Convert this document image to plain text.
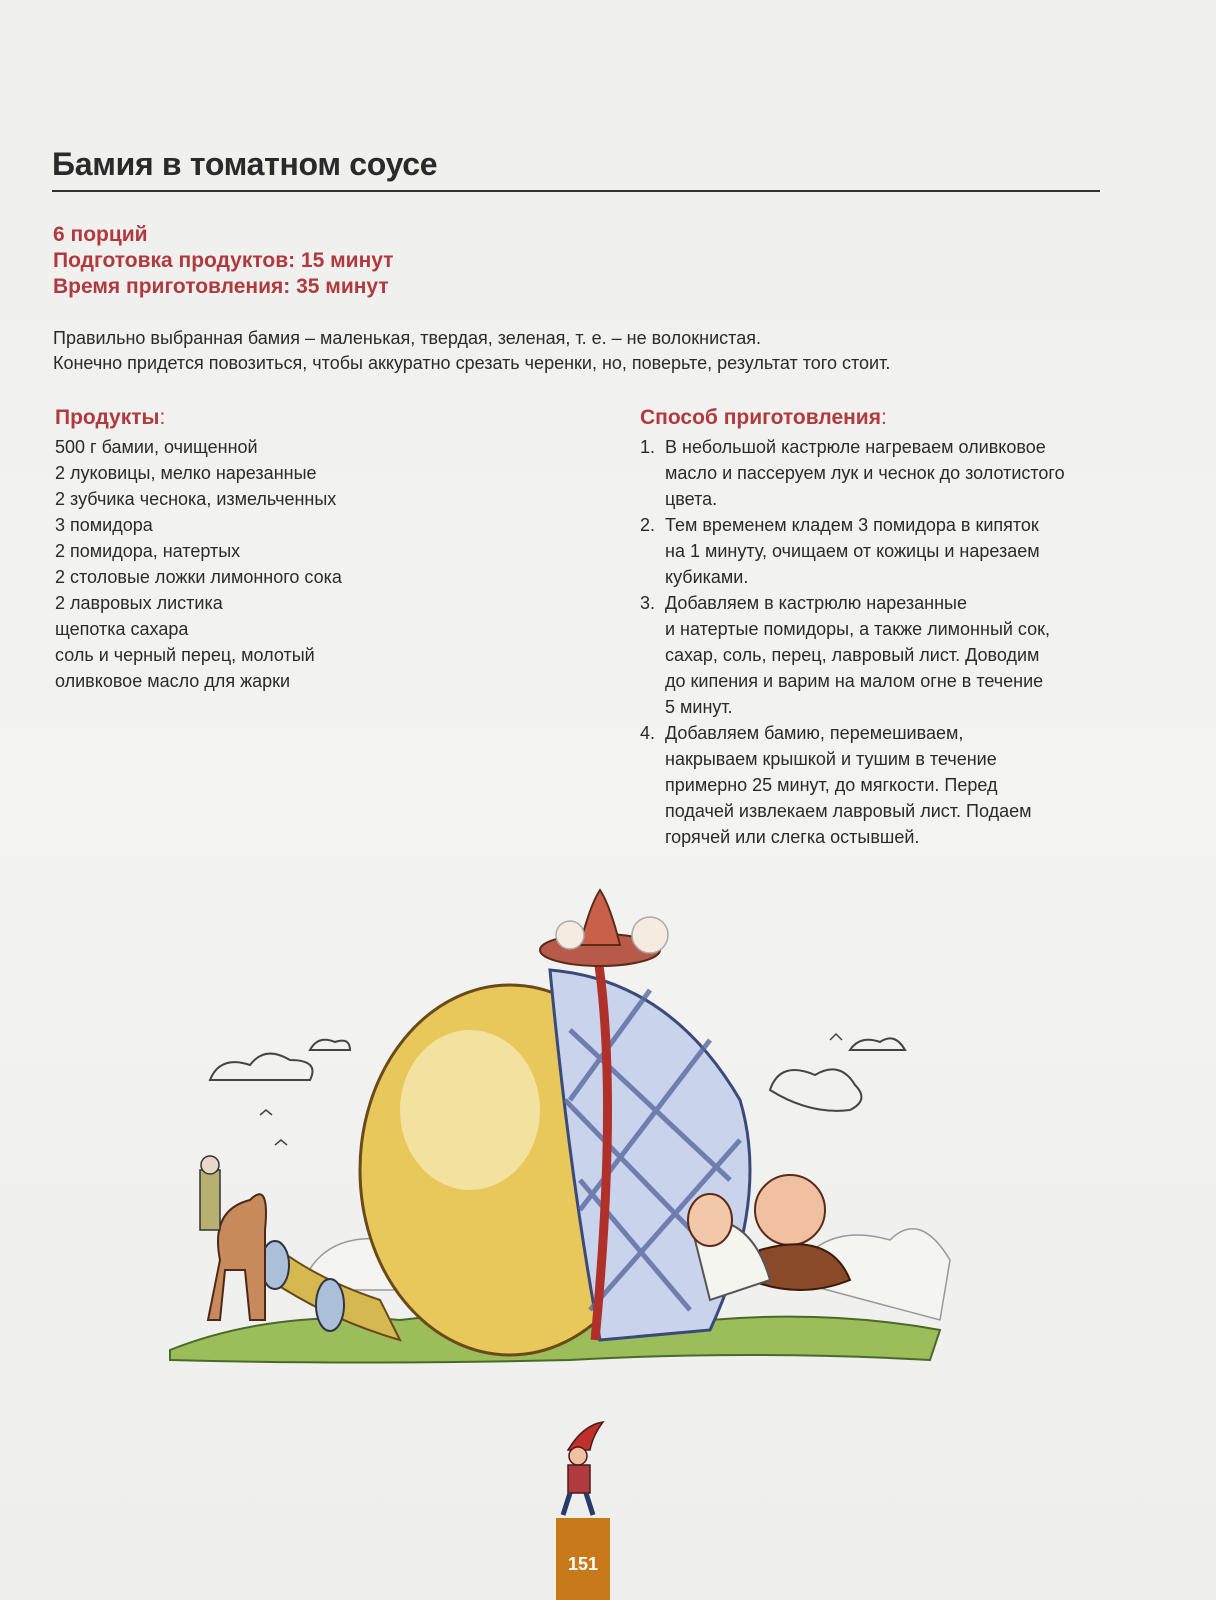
Бамия в томатном соусе
6 порций
Подготовка продуктов: 15 минут
Время приготовления: 35 минут

Правильно выбранная бамия – маленькая, твердая, зеленая, т. е. – не волокнистая.

Конечно придется повозиться, чтобы аккуратно срезать черенки, но, поверьте, результат того стоит.

Продукты:
500 г бамии, очищенной
2 луковицы, мелко нарезанные
2 зубчика чеснока, измельченных
3 помидора
2 помидора, натертых
2 столовые ложки лимонного сока
2 лавровых листика
щепотка сахара
соль и черный перец, молотый
оливковое масло для жарки
Способ приготовления:
1. В небольшой кастрюле нагреваем оливковое
масло и пассеруем лук и чеснок до золотистого
цвета.
2. Тем временем кладем 3 помидора в кипяток
на 1 минуту, очищаем от кожицы и нарезаем
кубиками.
3. Добавляем в кастрюлю нарезанные
и натертые помидоры, а также лимонный сок,
сахар, соль, перец, лавровый лист. Доводим
до кипения и варим на малом огне в течение
5 минут.
4. Добавляем бамию, перемешиваем,
накрываем крышкой и тушим в течение
примерно 25 минут, до мягкости. Перед
подачей извлекаем лавровый лист. Подаем
горячей или слегка остывшей.
151
